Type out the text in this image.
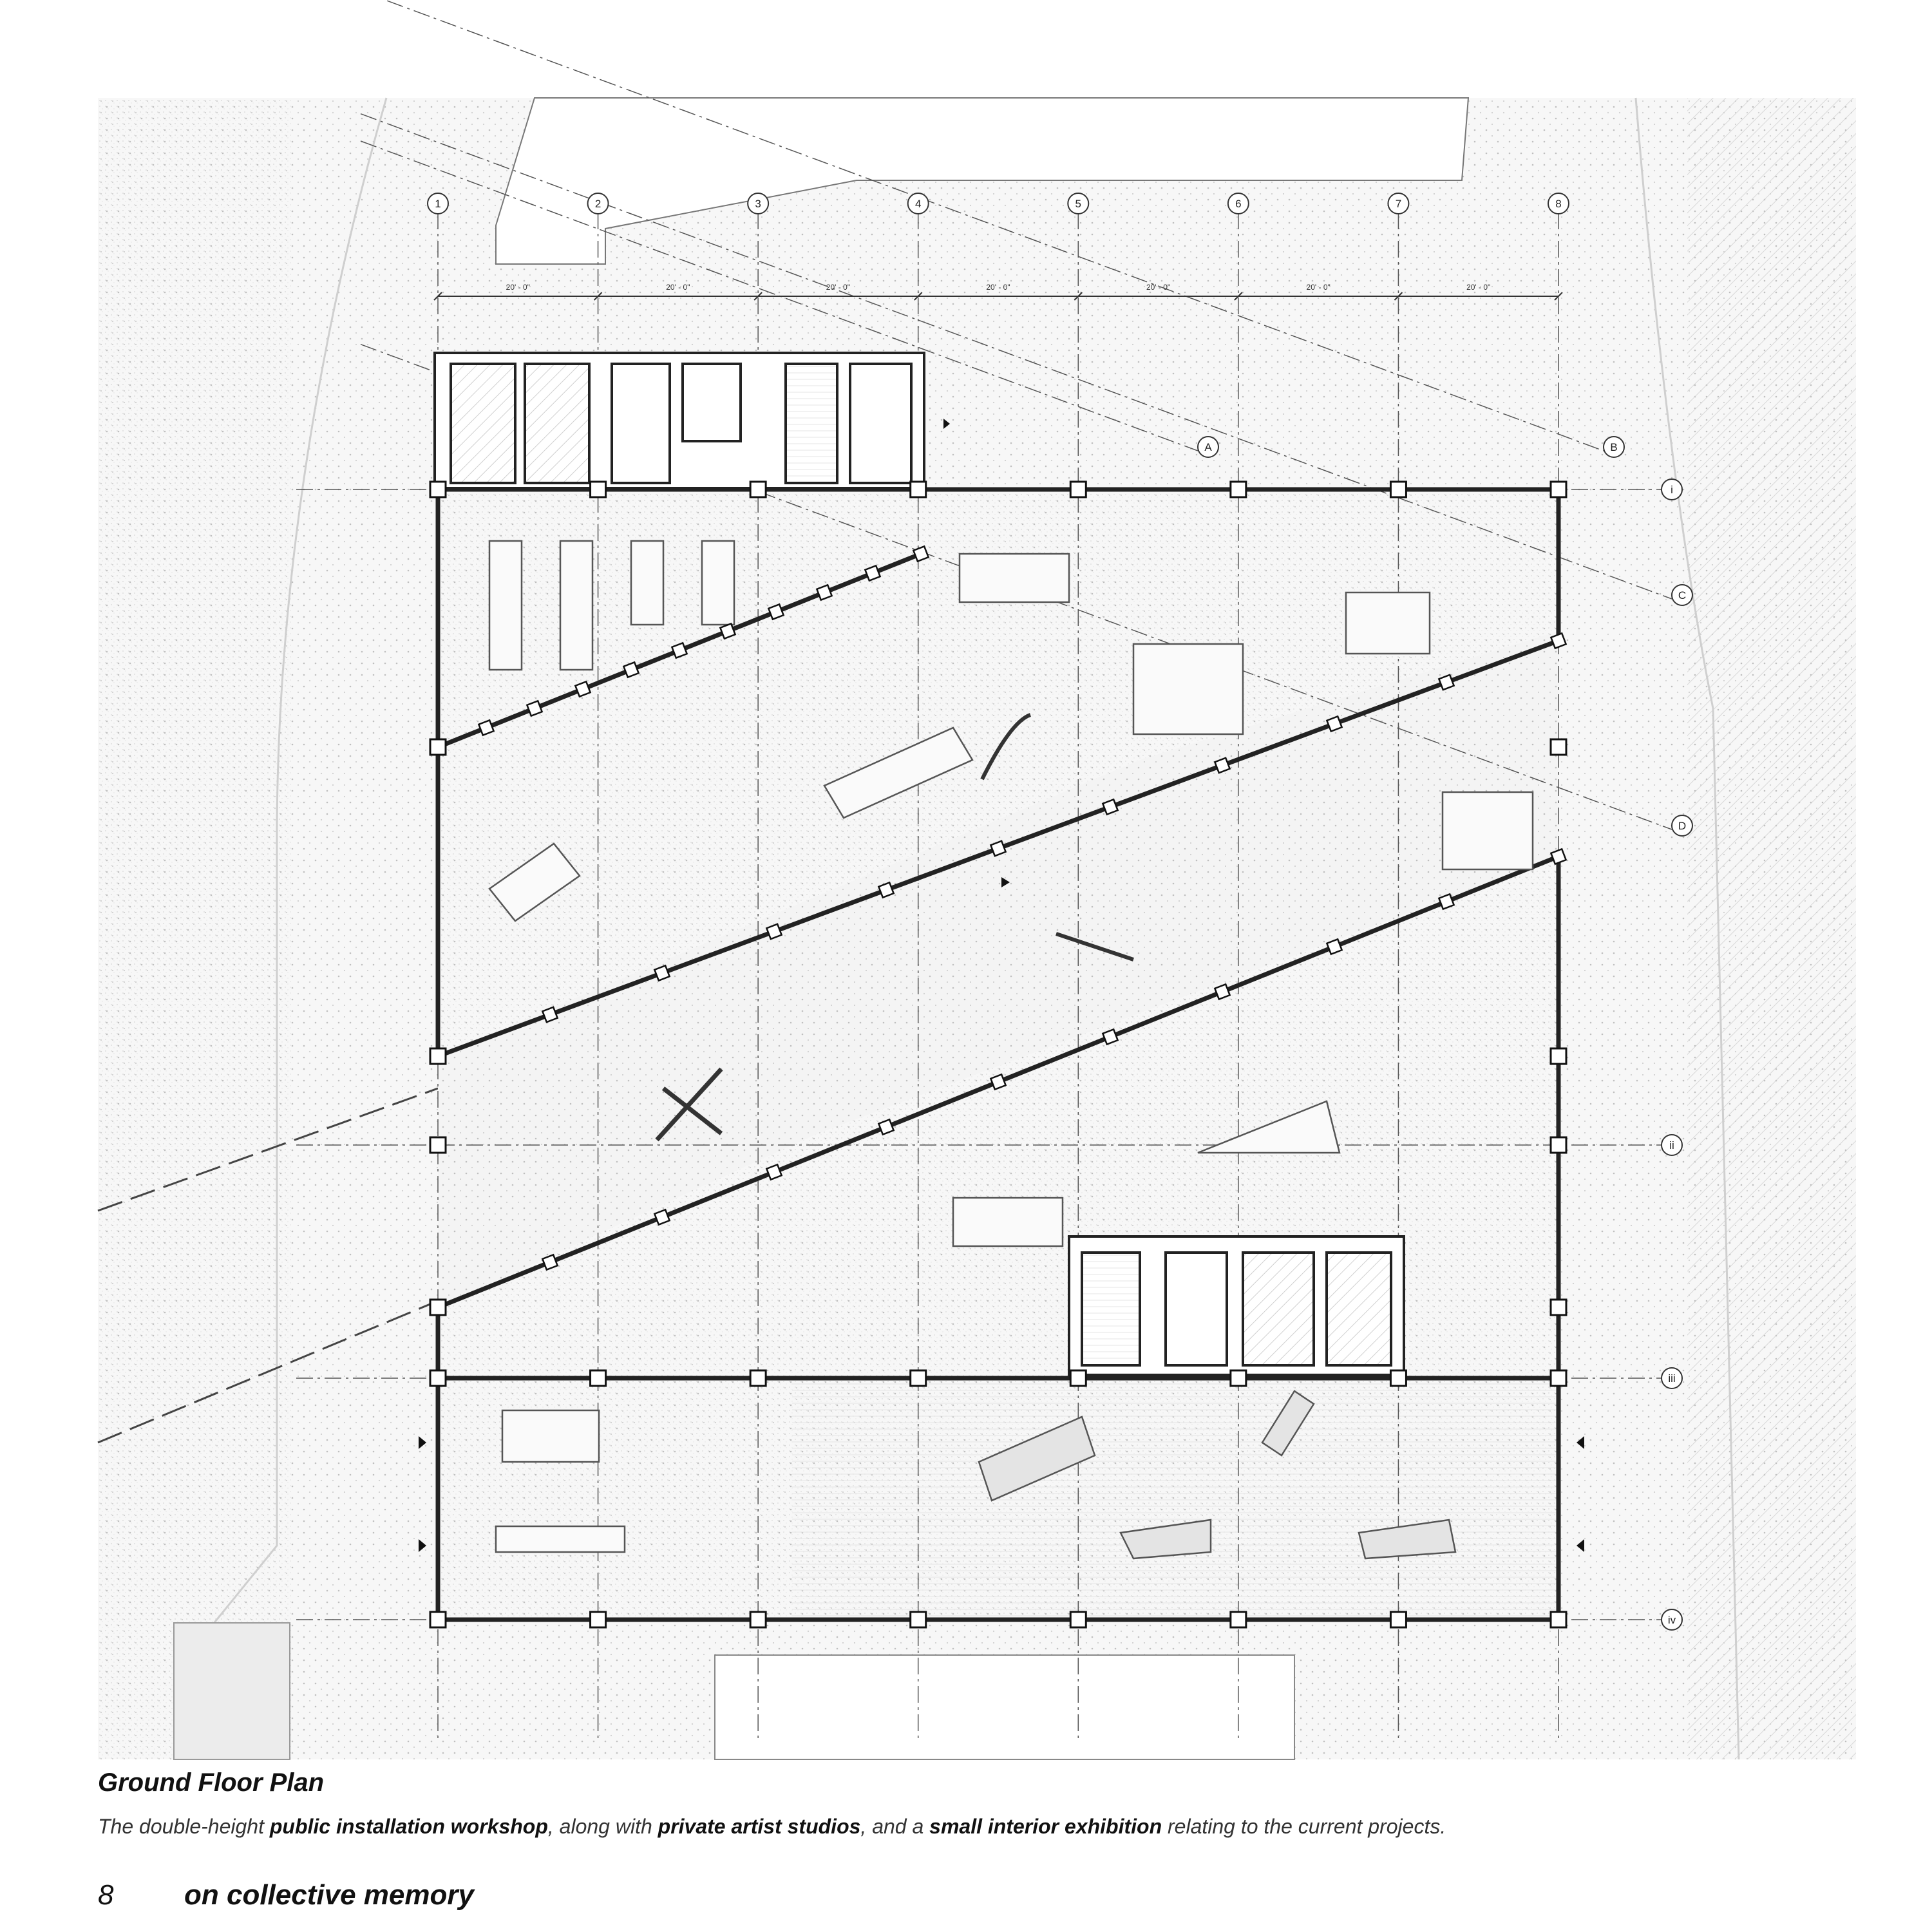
1	2	3	4	5	6	7	8
i
ii
iii
iv
A	B
C
D
20' - 0"	20' - 0"	20' - 0"	20' - 0"	20' - 0"	20' - 0"	20' - 0"
Ground Floor Plan
The double-height public installation workshop, along with private artist studios, and a small interior exhibition relating to the current projects.
8 on collective memory
